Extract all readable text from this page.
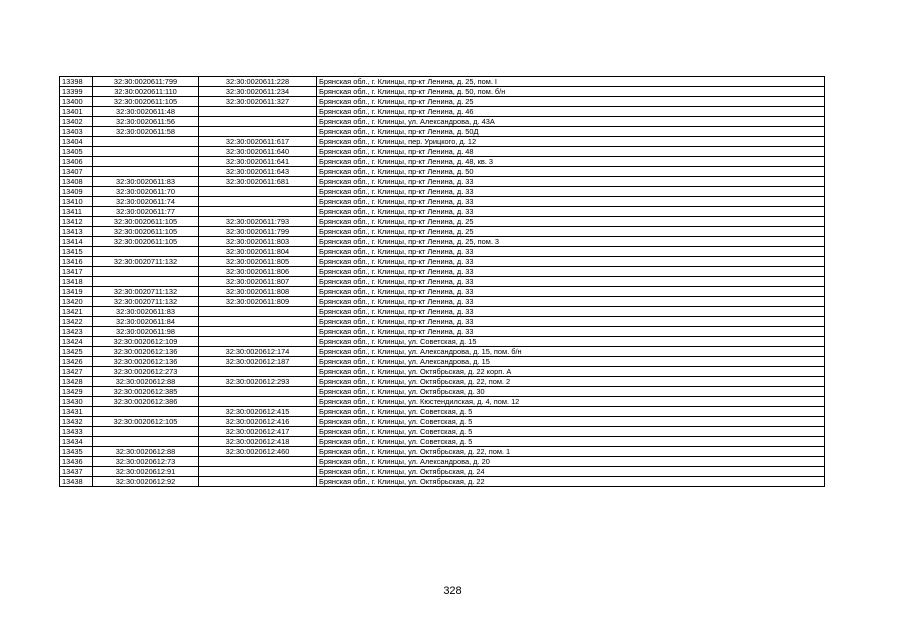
13398	32:30:0020611:799	32:30:0020611:228	Брянская обл., г. Клинцы, пр-кт Ленина, д. 25, пом. I
13399	32:30:0020611:110	32:30:0020611:234	Брянская обл., г. Клинцы, пр-кт Ленина, д. 50, пом. б/н
13400	32:30:0020611:105	32:30:0020611:327	Брянская обл., г. Клинцы, пр-кт Ленина, д. 25
13401	32:30:0020611:48		Брянская обл., г. Клинцы, пр-кт Ленина, д. 46
13402	32:30:0020611:56		Брянская обл., г. Клинцы, ул. Александрова, д. 43А
13403	32:30:0020611:58		Брянская обл., г. Клинцы, пр-кт Ленина, д. 50Д
13404		32:30:0020611:617	Брянская обл., г. Клинцы, пер. Урицкого, д. 12
13405		32:30:0020611:640	Брянская обл., г. Клинцы, пр-кт Ленина, д. 48
13406		32:30:0020611:641	Брянская обл., г. Клинцы, пр-кт Ленина, д. 48, кв. 3
13407		32:30:0020611:643	Брянская обл., г. Клинцы, пр-кт Ленина, д. 50
13408	32:30:0020611:83	32:30:0020611:681	Брянская обл., г. Клинцы, пр-кт Ленина, д. 33
13409	32:30:0020611:70		Брянская обл., г. Клинцы, пр-кт Ленина, д. 33
13410	32:30:0020611:74		Брянская обл., г. Клинцы, пр-кт Ленина, д. 33
13411	32:30:0020611:77		Брянская обл., г. Клинцы, пр-кт Ленина, д. 33
13412	32:30:0020611:105	32:30:0020611:793	Брянская обл., г. Клинцы, пр-кт Ленина, д. 25
13413	32:30:0020611:105	32:30:0020611:799	Брянская обл., г. Клинцы, пр-кт Ленина, д. 25
13414	32:30:0020611:105	32:30:0020611:803	Брянская обл., г. Клинцы, пр-кт Ленина, д. 25, пом. 3
13415		32:30:0020611:804	Брянская обл., г. Клинцы, пр-кт Ленина, д. 33
13416	32:30:0020711:132	32:30:0020611:805	Брянская обл., г. Клинцы, пр-кт Ленина, д. 33
13417		32:30:0020611:806	Брянская обл., г. Клинцы, пр-кт Ленина, д. 33
13418		32:30:0020611:807	Брянская обл., г. Клинцы, пр-кт Ленина, д. 33
13419	32:30:0020711:132	32:30:0020611:808	Брянская обл., г. Клинцы, пр-кт Ленина, д. 33
13420	32:30:0020711:132	32:30:0020611:809	Брянская обл., г. Клинцы, пр-кт Ленина, д. 33
13421	32:30:0020611:83		Брянская обл., г. Клинцы, пр-кт Ленина, д. 33
13422	32:30:0020611:84		Брянская обл., г. Клинцы, пр-кт Ленина, д. 33
13423	32:30:0020611:98		Брянская обл., г. Клинцы, пр-кт Ленина, д. 33
13424	32:30:0020612:109		Брянская обл., г. Клинцы, ул. Советская, д. 15
13425	32:30:0020612:136	32:30:0020612:174	Брянская обл., г. Клинцы, ул. Александрова, д. 15, пом. б/н
13426	32:30:0020612:136	32:30:0020612:187	Брянская обл., г. Клинцы, ул. Александрова, д. 15
13427	32:30:0020612:273		Брянская обл., г. Клинцы, ул. Октябрьская, д. 22 корп. А
13428	32:30:0020612:88	32:30:0020612:293	Брянская обл., г. Клинцы, ул. Октябрьская, д. 22, пом. 2
13429	32:30:0020612:385		Брянская обл., г. Клинцы, ул. Октябрьская, д. 30
13430	32:30:0020612:386		Брянская обл., г. Клинцы, ул. Кюстендилская, д. 4, пом. 12
13431		32:30:0020612:415	Брянская обл., г. Клинцы, ул. Советская, д. 5
13432	32:30:0020612:105	32:30:0020612:416	Брянская обл., г. Клинцы, ул. Советская, д. 5
13433		32:30:0020612:417	Брянская обл., г. Клинцы, ул. Советская, д. 5
13434		32:30:0020612:418	Брянская обл., г. Клинцы, ул. Советская, д. 5
13435	32:30:0020612:88	32:30:0020612:460	Брянская обл., г. Клинцы, ул. Октябрьская, д. 22, пом. 1
13436	32:30:0020612:73		Брянская обл., г. Клинцы, ул. Александрова, д. 20
13437	32:30:0020612:91		Брянская обл., г. Клинцы, ул. Октябрьская, д. 24
13438	32:30:0020612:92		Брянская обл., г. Клинцы, ул. Октябрьская, д. 22
328
